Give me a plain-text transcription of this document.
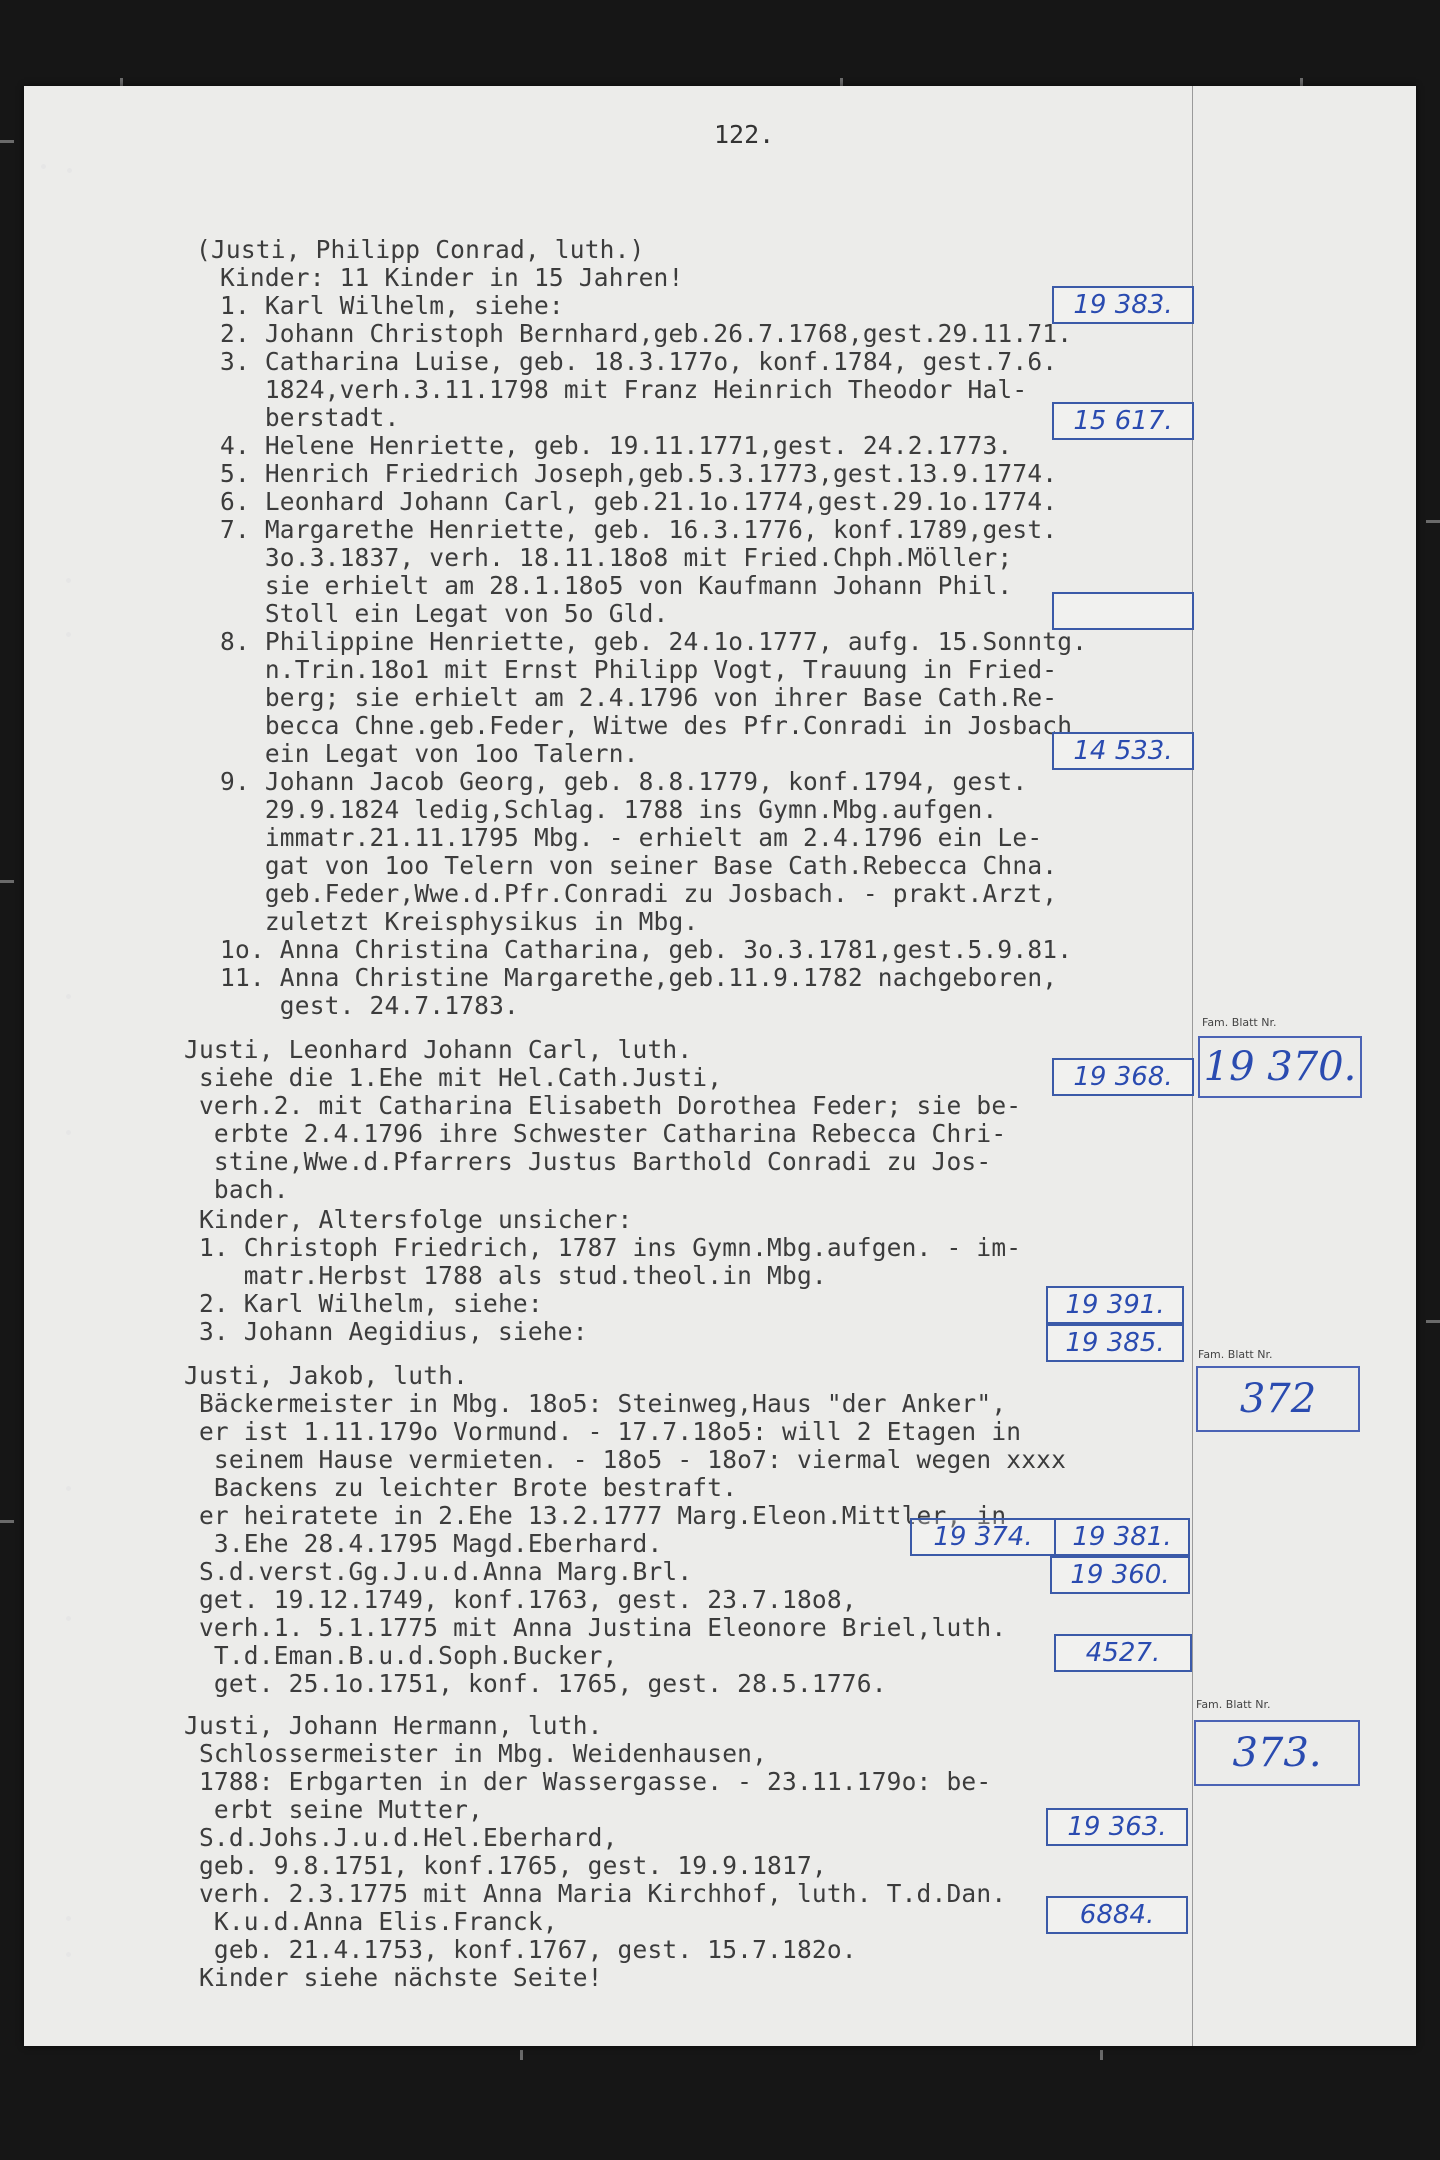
122.

(Justi, Philipp Conrad, luth.)

Kinder: 11 Kinder in 15 Jahren!

1. Karl Wilhelm, siehe:

2. Johann Christoph Bernhard,geb.26.7.1768,gest.29.11.71.

3. Catharina Luise, geb. 18.3.177o, konf.1784, gest.7.6.

1824,verh.3.11.1798 mit Franz Heinrich Theodor Hal-

berstadt.

4. Helene Henriette, geb. 19.11.1771,gest. 24.2.1773.

5. Henrich Friedrich Joseph,geb.5.3.1773,gest.13.9.1774.

6. Leonhard Johann Carl, geb.21.1o.1774,gest.29.1o.1774.

7. Margarethe Henriette, geb. 16.3.1776, konf.1789,gest.

3o.3.1837, verh. 18.11.18o8 mit Fried.Chph.Möller;

sie erhielt am 28.1.18o5 von Kaufmann Johann Phil.

Stoll ein Legat von 5o Gld.

8. Philippine Henriette, geb. 24.1o.1777, aufg. 15.Sonntg.

n.Trin.18o1 mit Ernst Philipp Vogt, Trauung in Fried-

berg; sie erhielt am 2.4.1796 von ihrer Base Cath.Re-

becca Chne.geb.Feder, Witwe des Pfr.Conradi in Josbach

ein Legat von 1oo Talern.

9. Johann Jacob Georg, geb. 8.8.1779, konf.1794, gest.

29.9.1824 ledig,Schlag. 1788 ins Gymn.Mbg.aufgen.

immatr.21.11.1795 Mbg. - erhielt am 2.4.1796 ein Le-

gat von 1oo Telern von seiner Base Cath.Rebecca Chna.

geb.Feder,Wwe.d.Pfr.Conradi zu Josbach. - prakt.Arzt,

zuletzt Kreisphysikus in Mbg.

1o. Anna Christina Catharina, geb. 3o.3.1781,gest.5.9.81.

11. Anna Christine Margarethe,geb.11.9.1782 nachgeboren,

gest. 24.7.1783.

Justi, Leonhard Johann Carl, luth.

siehe die 1.Ehe mit Hel.Cath.Justi,

verh.2. mit Catharina Elisabeth Dorothea Feder; sie be-

erbte 2.4.1796 ihre Schwester Catharina Rebecca Chri-

stine,Wwe.d.Pfarrers Justus Barthold Conradi zu Jos-

bach.

Kinder, Altersfolge unsicher:

1. Christoph Friedrich, 1787 ins Gymn.Mbg.aufgen. - im-

matr.Herbst 1788 als stud.theol.in Mbg.

2. Karl Wilhelm, siehe:

3. Johann Aegidius, siehe:

Justi, Jakob, luth.

Bäckermeister in Mbg. 18o5: Steinweg,Haus "der Anker",

er ist 1.11.179o Vormund. - 17.7.18o5: will 2 Etagen in

seinem Hause vermieten. - 18o5 - 18o7: viermal wegen xxxx

Backens zu leichter Brote bestraft.

er heiratete in 2.Ehe 13.2.1777 Marg.Eleon.Mittler, in

3.Ehe 28.4.1795 Magd.Eberhard.

S.d.verst.Gg.J.u.d.Anna Marg.Brl.

get. 19.12.1749, konf.1763, gest. 23.7.18o8,

verh.1. 5.1.1775 mit Anna Justina Eleonore Briel,luth.

T.d.Eman.B.u.d.Soph.Bucker,

get. 25.1o.1751, konf. 1765, gest. 28.5.1776.

Justi, Johann Hermann, luth.

Schlossermeister in Mbg. Weidenhausen,

1788: Erbgarten in der Wassergasse. - 23.11.179o: be-

erbt seine Mutter,

S.d.Johs.J.u.d.Hel.Eberhard,

geb. 9.8.1751, konf.1765, gest. 19.9.1817,

verh. 2.3.1775 mit Anna Maria Kirchhof, luth. T.d.Dan.

K.u.d.Anna Elis.Franck,

geb. 21.4.1753, konf.1767, gest. 15.7.182o.

Kinder siehe nächste Seite!

19 383.
15 617.
14 533.
19 368.
19 391.
19 385.
19 374.	19 381.
19 360.
4527.
19 363.
6884.
Fam. Blatt Nr.
19 370.
Fam. Blatt Nr.
372
Fam. Blatt Nr.
373.
